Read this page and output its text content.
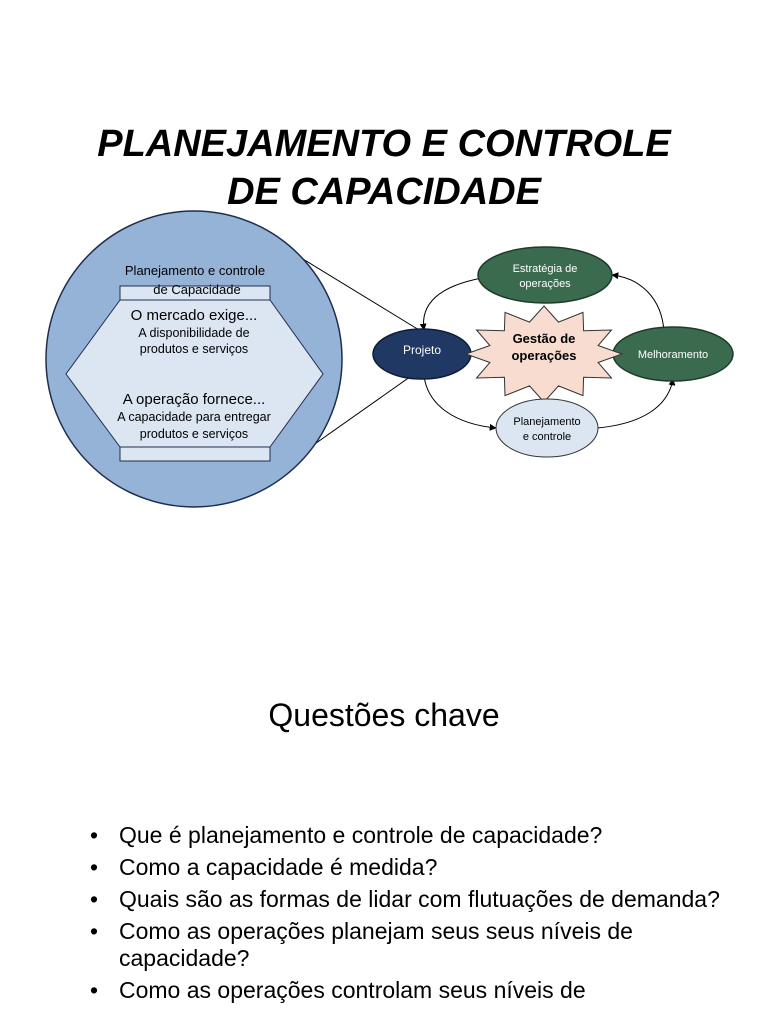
PLANEJAMENTO E CONTROLE
DE CAPACIDADE
Planejamento e controle
de Capacidade
O mercado exige...
A disponibilidade de
produtos e serviços
A operação fornece...
A capacidade para entregar
produtos e serviços
Estratégia de
operações
Projeto	Melhoramento
Gestão de
operações
Planejamento
e controle
Questões chave
• Que é planejamento e controle de capacidade?
• Como a capacidade é medida?
• Quais são as formas de lidar com flutuações de demanda?
• Como as operações planejam seus seus níveis de capacidade?
• Como as operações controlam seus níveis de
